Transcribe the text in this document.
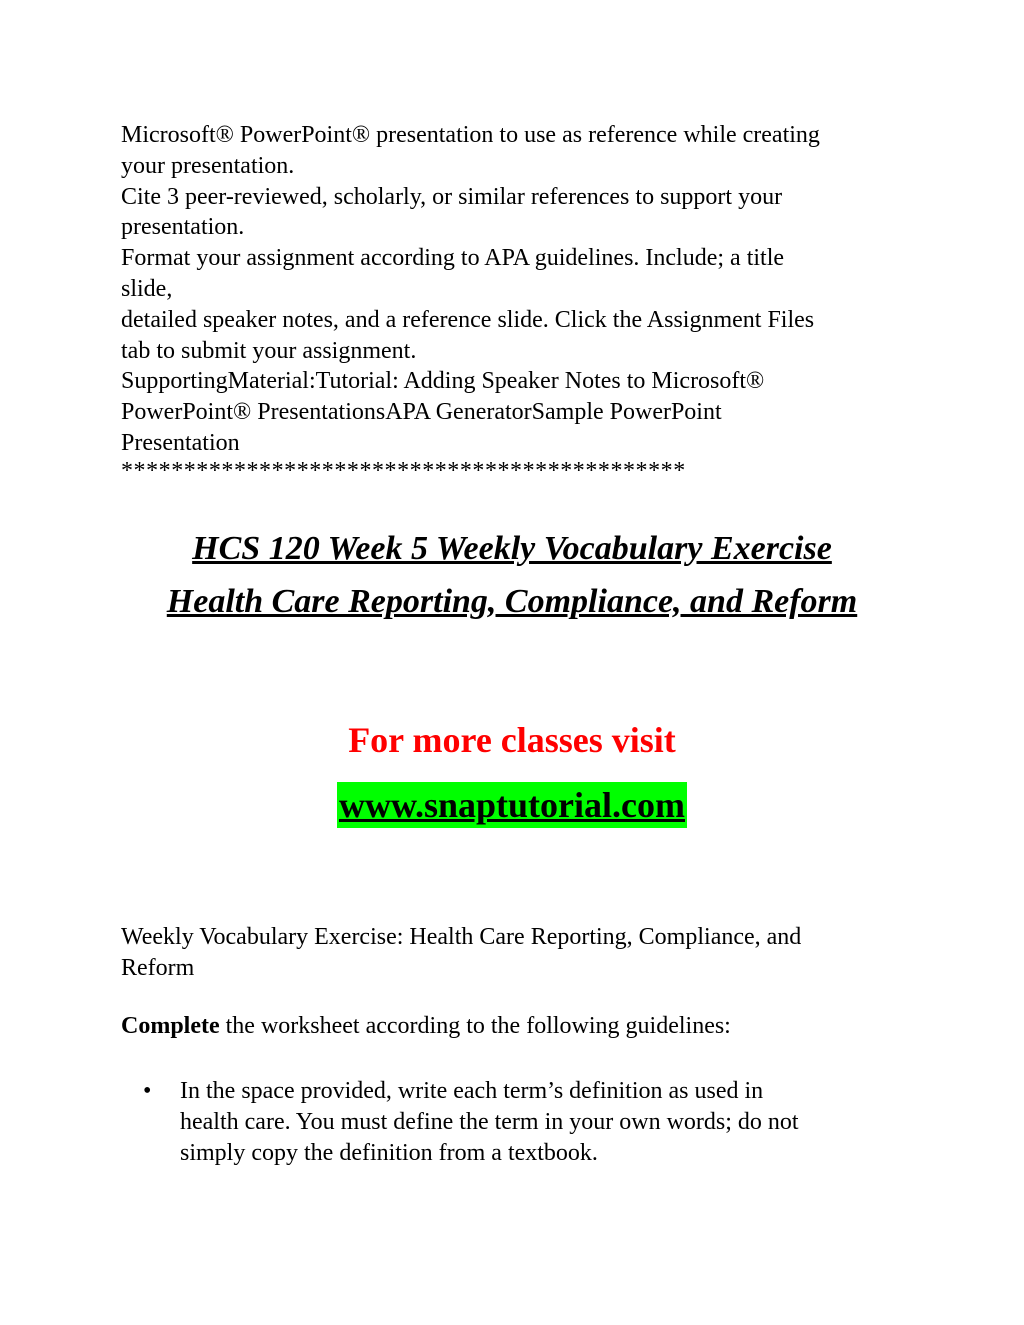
Microsoft® PowerPoint® presentation to use as reference while creating

your presentation.

Cite 3 peer-reviewed, scholarly, or similar references to support your

presentation.

Format your assignment according to APA guidelines. Include; a title

slide,

detailed speaker notes, and a reference slide. Click the Assignment Files

tab to submit your assignment.

SupportingMaterial:Tutorial: Adding Speaker Notes to Microsoft®

PowerPoint® PresentationsAPA GeneratorSample PowerPoint

Presentation

*********************************************

HCS 120 Week 5 Weekly Vocabulary Exercise

Health Care Reporting, Compliance, and Reform

For more classes visit

www.snaptutorial.com

Weekly Vocabulary Exercise: Health Care Reporting, Compliance, and

Reform

Complete the worksheet according to the following guidelines:
• In the space provided, write each term’s definition as used in

health care. You must define the term in your own words; do not

simply copy the definition from a textbook.
